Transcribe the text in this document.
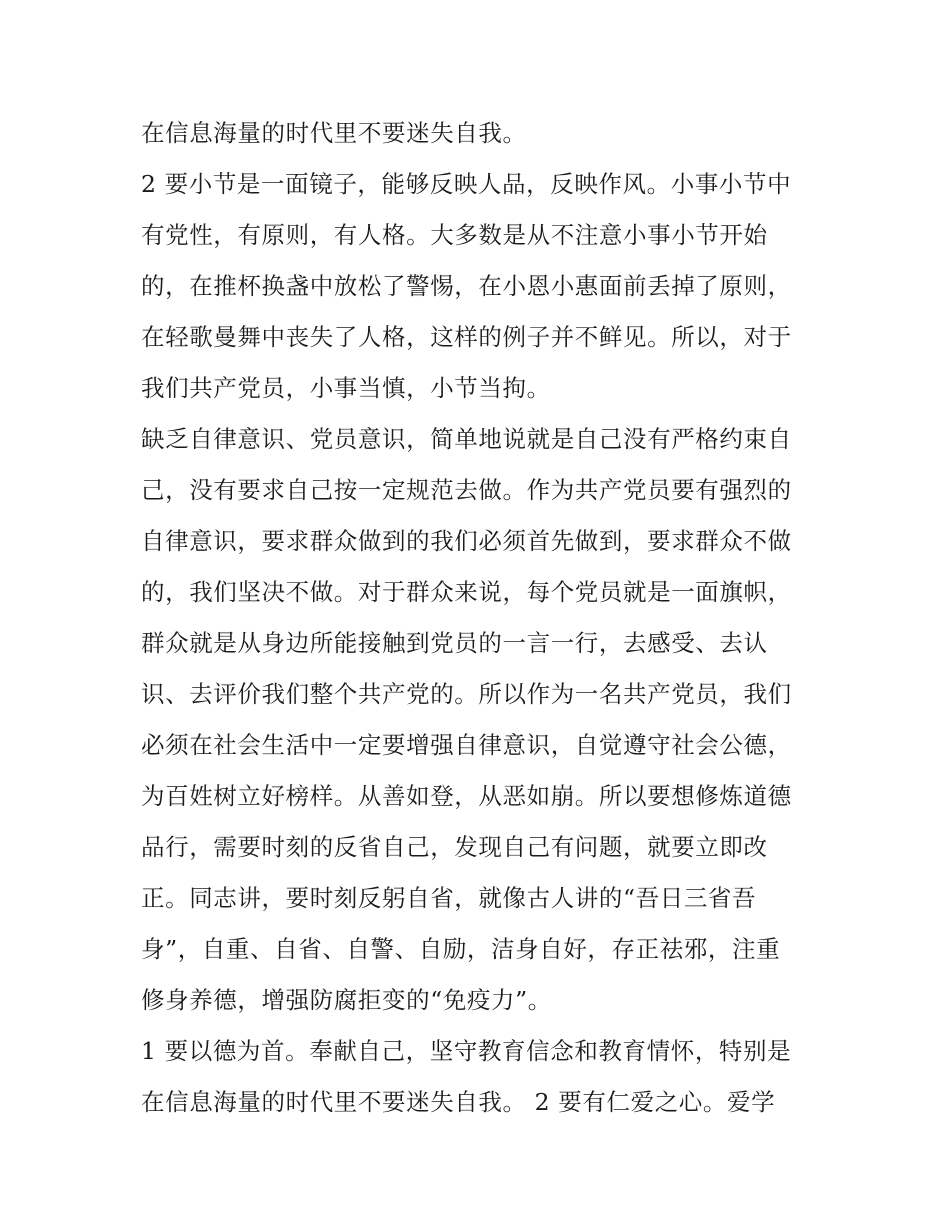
在信息海量的时代里不要迷失自我。
2 要小节是一面镜子，能够反映人品，反映作风。小事小节中
有党性，有原则，有人格。大多数是从不注意小事小节开始
的，在推杯换盏中放松了警惕，在小恩小惠面前丢掉了原则，
在轻歌曼舞中丧失了人格，这样的例子并不鲜见。所以，对于
我们共产党员，小事当慎，小节当拘。
缺乏自律意识、党员意识，简单地说就是自己没有严格约束自
己，没有要求自己按一定规范去做。作为共产党员要有强烈的
自律意识，要求群众做到的我们必须首先做到，要求群众不做
的，我们坚决不做。对于群众来说，每个党员就是一面旗帜，
群众就是从身边所能接触到党员的一言一行，去感受、去认
识、去评价我们整个共产党的。所以作为一名共产党员，我们
必须在社会生活中一定要增强自律意识，自觉遵守社会公德，
为百姓树立好榜样。从善如登，从恶如崩。所以要想修炼道德
品行，需要时刻的反省自己，发现自己有问题，就要立即改
正。同志讲，要时刻反躬自省，就像古人讲的“吾日三省吾
身”，自重、自省、自警、自励，洁身自好，存正祛邪，注重
修身养德，增强防腐拒变的“免疫力”。
1 要以德为首。奉献自己，坚守教育信念和教育情怀，特别是
在信息海量的时代里不要迷失自我。 2 要有仁爱之心。爱学
